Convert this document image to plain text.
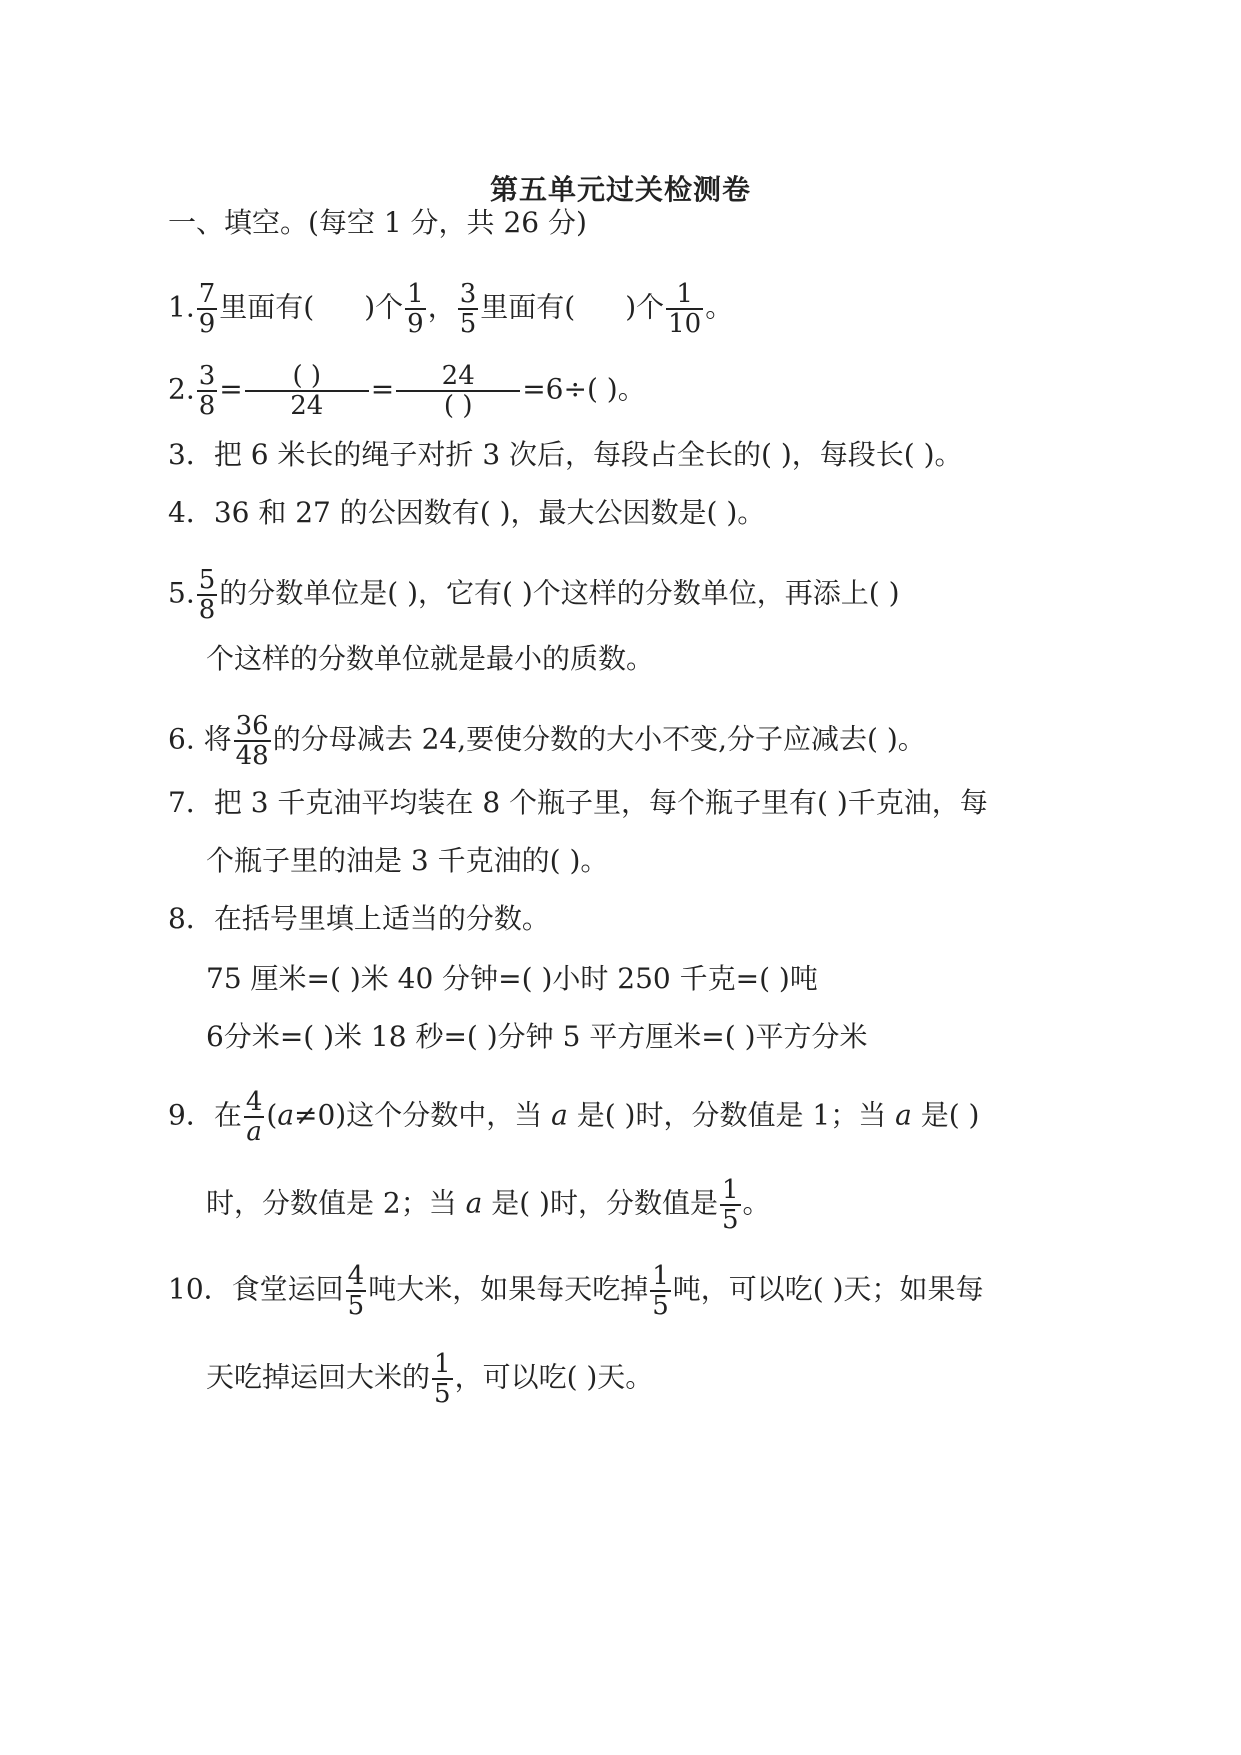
第五单元过关检测卷
一、填空。(每空 1 分，共 26 分)
1. $\frac{7}{9}$ 里面有( )个 $\frac{1}{9}$ ， $\frac{3}{5}$ 里面有( )个 $\frac{1}{10}$ 。
2. $\frac{3}{8} = \frac{( )}{24} = \frac{24}{( )} =6\div$( )。
3．把 6 米长的绳子对折 3 次后，每段占全长的( )，每段长( )。
4．36 和 27 的公因数有( )，最大公因数是( )。
5. $\frac{5}{8}$ 的分数单位是( )，它有( )个这样的分数单位，再添上( )
个这样的分数单位就是最小的质数。
6. 将 $\frac{36}{48}$ 的分母减去 24,要使分数的大小不变,分子应减去( )。
7．把 3 千克油平均装在 8 个瓶子里，每个瓶子里有( )千克油，每
个瓶子里的油是 3 千克油的( )。
8．在括号里填上适当的分数。
75 厘米=( )米 40 分钟=( )小时 250 千克=( )吨
6分米=( )米 18 秒=( )分钟 5 平方厘米=( )平方分米
9．在 $\frac{4}{a} (a\ne 0)$这个分数中，当 a 是( )时，分数值是 1；当 a 是( )
时，分数值是 2；当 a 是( )时，分数值是 $\frac{1}{5}$ 。
10．食堂运回 $\frac{4}{5}$ 吨大米，如果每天吃掉 $\frac{1}{5}$ 吨，可以吃( )天；如果每
天吃掉运回大米的 $\frac{1}{5}$ ，可以吃( )天。
